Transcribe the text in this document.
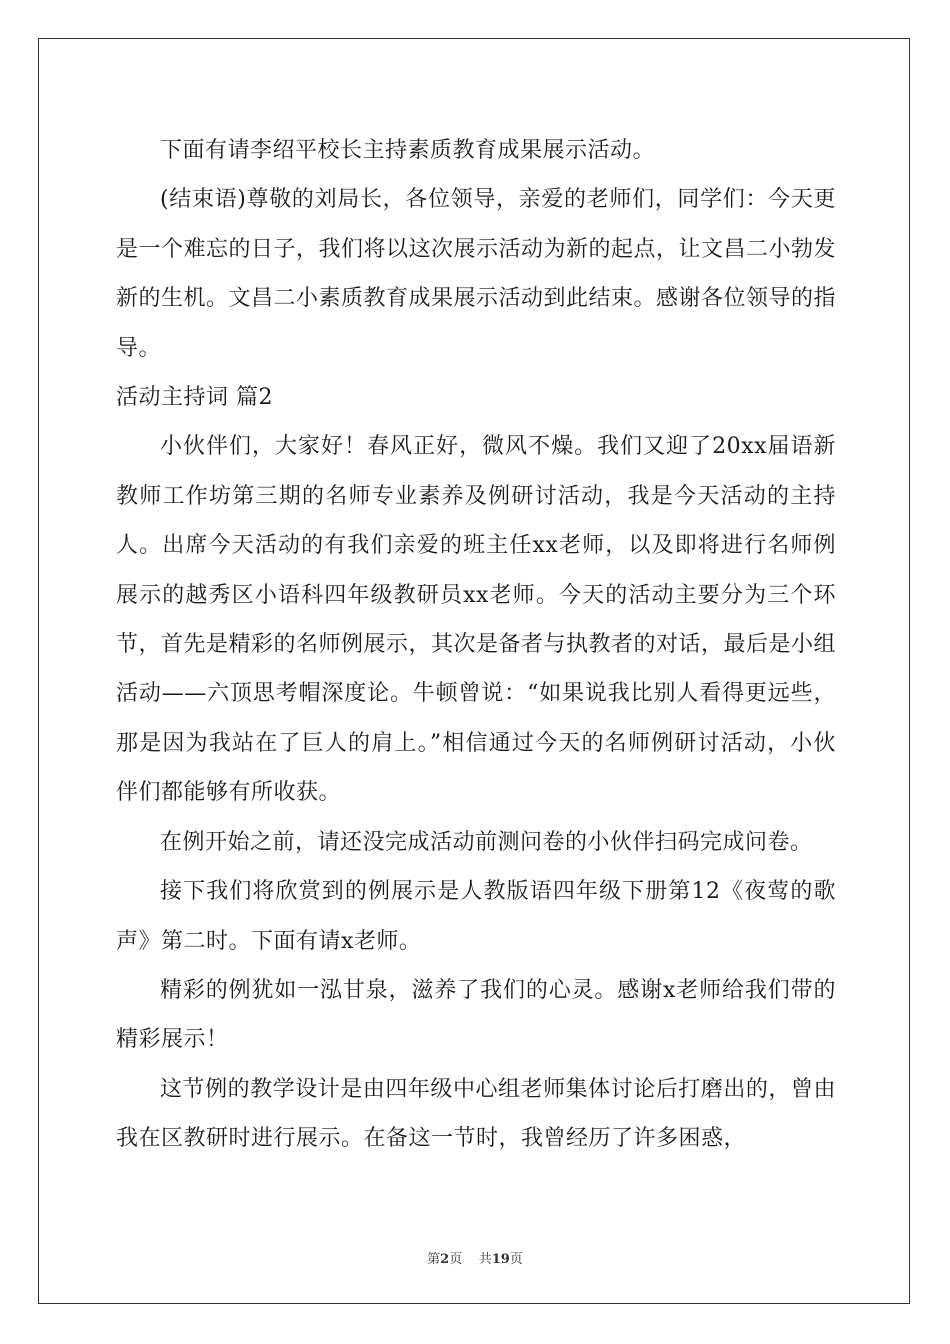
下面有请李绍平校长主持素质教育成果展示活动。

(结束语)尊敬的刘局长，各位领导，亲爱的老师们，同学们：今天更是一个难忘的日子，我们将以这次展示活动为新的起点，让文昌二小勃发新的生机。文昌二小素质教育成果展示活动到此结束。感谢各位领导的指导。

活动主持词 篇2

小伙伴们，大家好！春风正好，微风不燥。我们又迎了20xx届语新教师工作坊第三期的名师专业素养及例研讨活动，我是今天活动的主持人。出席今天活动的有我们亲爱的班主任xx老师，以及即将进行名师例展示的越秀区小语科四年级教研员xx老师。今天的活动主要分为三个环节，首先是精彩的名师例展示，其次是备者与执教者的对话，最后是小组活动——六顶思考帽深度论。牛顿曾说：“如果说我比别人看得更远些，那是因为我站在了巨人的肩上。”相信通过今天的名师例研讨活动，小伙伴们都能够有所收获。

在例开始之前，请还没完成活动前测问卷的小伙伴扫码完成问卷。

接下我们将欣赏到的例展示是人教版语四年级下册第12《夜莺的歌声》第二时。下面有请x老师。

精彩的例犹如一泓甘泉，滋养了我们的心灵。感谢x老师给我们带的精彩展示！

这节例的教学设计是由四年级中心组老师集体讨论后打磨出的，曾由我在区教研时进行展示。在备这一节时，我曾经历了许多困惑，

第2页    共19页
